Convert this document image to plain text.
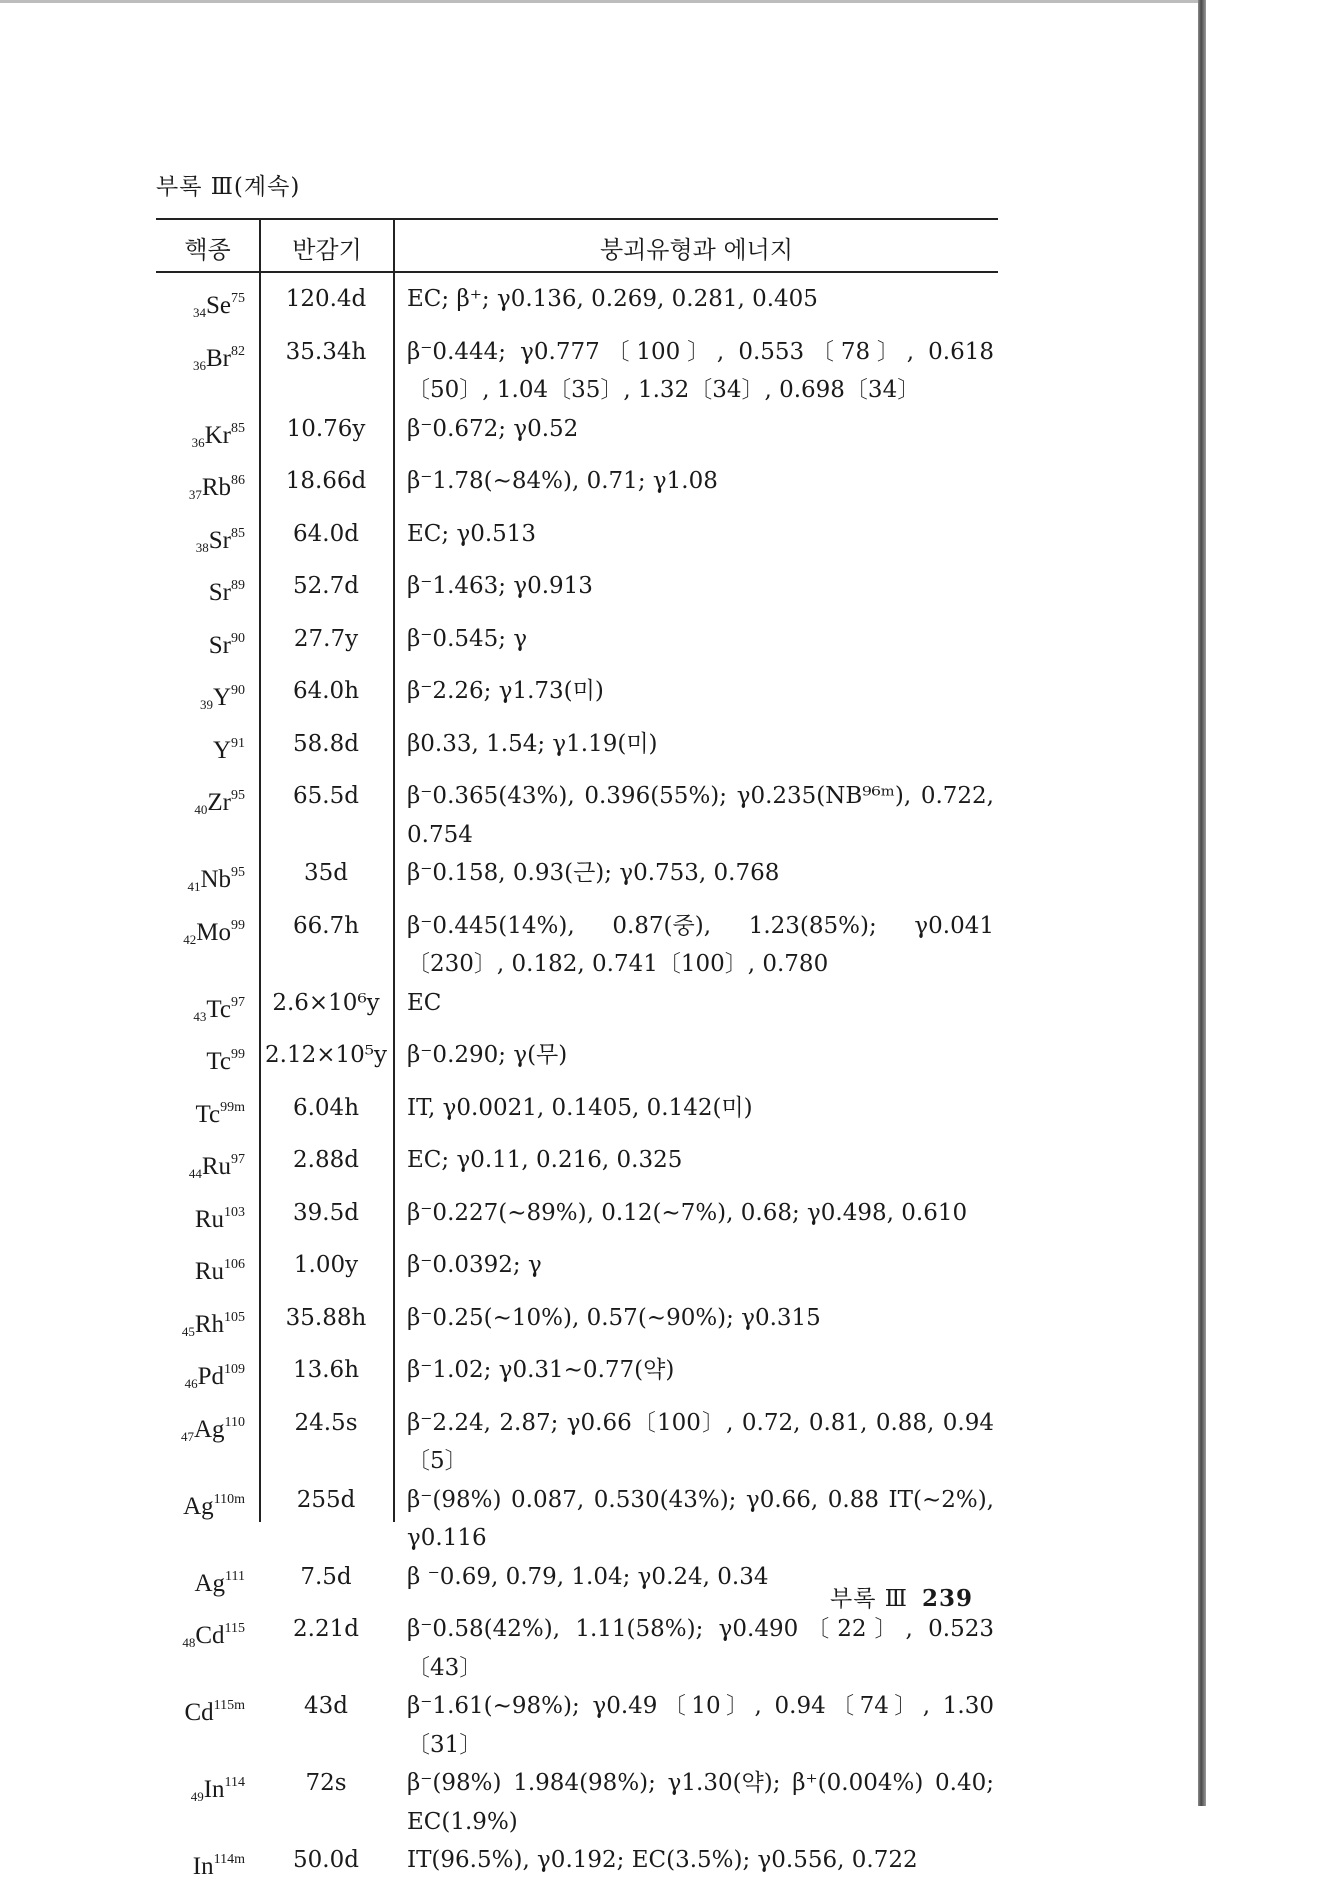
부록 Ⅲ(계속)
핵종	반감기	붕괴유형과 에너지
34Se$^{75}$	120.4d	EC; β⁺; γ0.136, 0.269, 0.281, 0.405
36Br$^{82}$	35.34h	β⁻0.444; γ0.777〔100〕, 0.553〔78〕, 0.618〔50〕, 1.04〔35〕, 1.32〔34〕, 0.698〔34〕
36Kr$^{85}$	10.76y	β⁻0.672; γ0.52
37Rb$^{86}$	18.66d	β⁻1.78(∼84%), 0.71; γ1.08
38Sr$^{85}$	64.0d	EC; γ0.513
Sr$^{89}$	52.7d	β⁻1.463; γ0.913
Sr$^{90}$	27.7y	β⁻0.545; γ
$39Y^{90}$	64.0h	β⁻2.26; γ1.73(미)
$Y^{91}$	58.8d	β0.33, 1.54; γ1.19(미)
40Zr$^{95}$	65.5d	β⁻0.365(43%), 0.396(55%); γ0.235(NB⁹⁶ᵐ), 0.722, 0.754
41Nb$^{95}$	35d	β⁻0.158, 0.93(근); γ0.753, 0.768
42Mo$^{99}$	66.7h	β⁻0.445(14%), 0.87(중), 1.23(85%); γ0.041〔230〕, 0.182, 0.741〔100〕, 0.780
43Tc$^{97}$	2.6×10⁶y	EC
Tc$^{99}$ 2.12×10⁵y β⁻0.290; γ(무)
$Tc^{99m}$	6.04h	IT, γ0.0021, 0.1405, 0.142(미)
44Ru$^{97}$	2.88d	EC; γ0.11, 0.216, 0.325
Ru$^{103}$	39.5d	β⁻0.227(∼89%), 0.12(∼7%), 0.68; γ0.498, 0.610
Ru$^{106}$	1.00y	β⁻0.0392; γ
45Rh$^{105}$	35.88h	β⁻0.25(∼10%), 0.57(∼90%); γ0.315
46Pd$^{109}$	13.6h	β⁻1.02; γ0.31∼0.77(약)
47Ag$^{110}$	24.5s	β⁻2.24, 2.87; γ0.66〔100〕, 0.72, 0.81, 0.88, 0.94〔5〕
$Ag^{110m}$	255d	β⁻(98%) 0.087, 0.530(43%); γ0.66, 0.88 IT(∼2%), γ0.116
Ag$^{111}$	7.5d	β ⁻0.69, 0.79, 1.04; γ0.24, 0.34
48Cd$^{115}$	2.21d	β⁻0.58(42%), 1.11(58%); γ0.490〔22〕, 0.523〔43〕
$Cd^{115m}$	43d	β⁻1.61(∼98%); γ0.49〔10〕, 0.94〔74〕, 1.30〔31〕
49In$^{114}$	72s	β⁻(98%) 1.984(98%); γ1.30(약); β⁺(0.004%) 0.40; EC(1.9%)
$In^{114m}$	50.0d	IT(96.5%), γ0.192; EC(3.5%); γ0.556, 0.722
부록 Ⅲ 239
